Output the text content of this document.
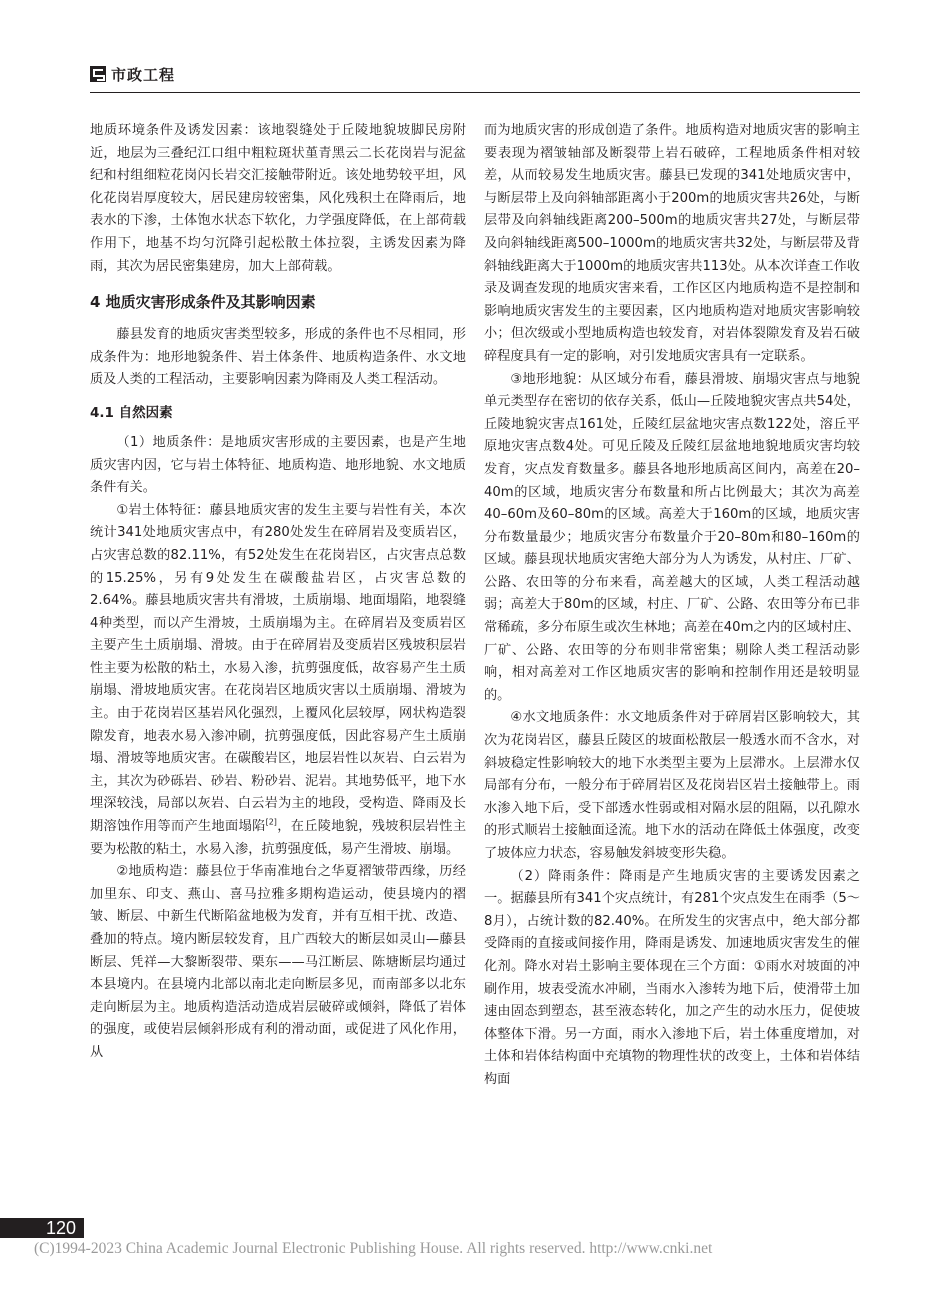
市政工程

地质环境条件及诱发因素：该地裂缝处于丘陵地貌坡脚民房附近，地层为三叠纪江口组中粗粒斑状堇青黑云二长花岗岩与泥盆纪和村组细粒花岗闪长岩交汇接触带附近。该处地势较平坦，风化花岗岩厚度较大，居民建房较密集，风化残积土在降雨后，地表水的下渗，土体饱水状态下软化，力学强度降低，在上部荷载作用下，地基不均匀沉降引起松散土体拉裂，主诱发因素为降雨，其次为居民密集建房，加大上部荷载。

4 地质灾害形成条件及其影响因素

藤县发育的地质灾害类型较多，形成的条件也不尽相同，形成条件为：地形地貌条件、岩土体条件、地质构造条件、水文地质及人类的工程活动，主要影响因素为降雨及人类工程活动。

4.1 自然因素

（1）地质条件：是地质灾害形成的主要因素，也是产生地质灾害内因，它与岩土体特征、地质构造、地形地貌、水文地质条件有关。

①岩土体特征：藤县地质灾害的发生主要与岩性有关，本次统计341处地质灾害点中，有280处发生在碎屑岩及变质岩区，占灾害总数的82.11%，有52处发生在花岗岩区，占灾害点总数的15.25%，另有9处发生在碳酸盐岩区，占灾害总数的2.64%。藤县地质灾害共有滑坡，土质崩塌、地面塌陷，地裂缝4种类型，而以产生滑坡，土质崩塌为主。在碎屑岩及变质岩区主要产生土质崩塌、滑坡。由于在碎屑岩及变质岩区残坡积层岩性主要为松散的粘土，水易入渗，抗剪强度低，故容易产生土质崩塌、滑坡地质灾害。在花岗岩区地质灾害以土质崩塌、滑坡为主。由于花岗岩区基岩风化强烈，上覆风化层较厚，网状构造裂隙发育，地表水易入渗冲刷，抗剪强度低，因此容易产生土质崩塌、滑坡等地质灾害。在碳酸岩区，地层岩性以灰岩、白云岩为主，其次为砂砾岩、砂岩、粉砂岩、泥岩。其地势低平，地下水埋深较浅，局部以灰岩、白云岩为主的地段，受构造、降雨及长期溶蚀作用等而产生地面塌陷[2]，在丘陵地貌，残坡积层岩性主要为松散的粘土，水易入渗，抗剪强度低，易产生滑坡、崩塌。

②地质构造：藤县位于华南准地台之华夏褶皱带西缘，历经加里东、印支、燕山、喜马拉雅多期构造运动，使县境内的褶皱、断层、中新生代断陷盆地极为发育，并有互相干扰、改造、叠加的特点。境内断层较发育，且广西较大的断层如灵山—藤县断层、凭祥—大黎断裂带、栗东——马江断层、陈塘断层均通过本县境内。在县境内北部以南北走向断层多见，而南部多以北东走向断层为主。地质构造活动造成岩层破碎或倾斜，降低了岩体的强度，或使岩层倾斜形成有利的滑动面，或促进了风化作用，从

而为地质灾害的形成创造了条件。地质构造对地质灾害的影响主要表现为褶皱轴部及断裂带上岩石破碎，工程地质条件相对较差，从而较易发生地质灾害。藤县已发现的341处地质灾害中，与断层带上及向斜轴部距离小于200m的地质灾害共26处，与断层带及向斜轴线距离200–500m的地质灾害共27处，与断层带及向斜轴线距离500–1000m的地质灾害共32处，与断层带及背斜轴线距离大于1000m的地质灾害共113处。从本次详查工作收录及调查发现的地质灾害来看，工作区区内地质构造不是控制和影响地质灾害发生的主要因素，区内地质构造对地质灾害影响较小；但次级或小型地质构造也较发育，对岩体裂隙发育及岩石破碎程度具有一定的影响，对引发地质灾害具有一定联系。

③地形地貌：从区域分布看，藤县滑坡、崩塌灾害点与地貌单元类型存在密切的依存关系，低山—丘陵地貌灾害点共54处，丘陵地貌灾害点161处，丘陵红层盆地灾害点数122处，溶丘平原地灾害点数4处。可见丘陵及丘陵红层盆地地貌地质灾害均较发育，灾点发育数量多。藤县各地形地质高区间内，高差在20–40m的区域，地质灾害分布数量和所占比例最大；其次为高差40–60m及60–80m的区域。高差大于160m的区域，地质灾害分布数量最少；地质灾害分布数量介于20–80m和80–160m的区域。藤县现状地质灾害绝大部分为人为诱发，从村庄、厂矿、公路、农田等的分布来看，高差越大的区域，人类工程活动越弱；高差大于80m的区域，村庄、厂矿、公路、农田等分布已非常稀疏，多分布原生或次生林地；高差在40m之内的区域村庄、厂矿、公路、农田等的分布则非常密集；剔除人类工程活动影响，相对高差对工作区地质灾害的影响和控制作用还是较明显的。

④水文地质条件：水文地质条件对于碎屑岩区影响较大，其次为花岗岩区，藤县丘陵区的坡面松散层一般透水而不含水，对斜坡稳定性影响较大的地下水类型主要为上层滞水。上层滞水仅局部有分布，一般分布于碎屑岩区及花岗岩区岩土接触带上。雨水渗入地下后，受下部透水性弱或相对隔水层的阻隔，以孔隙水的形式顺岩土接触面迳流。地下水的活动在降低土体强度，改变了坡体应力状态，容易触发斜坡变形失稳。

（2）降雨条件：降雨是产生地质灾害的主要诱发因素之一。据藤县所有341个灾点统计，有281个灾点发生在雨季（5～8月），占统计数的82.40%。在所发生的灾害点中，绝大部分都受降雨的直接或间接作用，降雨是诱发、加速地质灾害发生的催化剂。降水对岩土影响主要体现在三个方面：①雨水对坡面的冲刷作用，坡表受流水冲刷，当雨水入渗转为地下后，使滑带土加速由固态到塑态，甚至液态转化，加之产生的动水压力，促使坡体整体下滑。另一方面，雨水入渗地下后，岩土体重度增加，对土体和岩体结构面中充填物的物理性状的改变上，土体和岩体结构面

120
(C)1994-2023 China Academic Journal Electronic Publishing House. All rights reserved. http://www.cnki.net
